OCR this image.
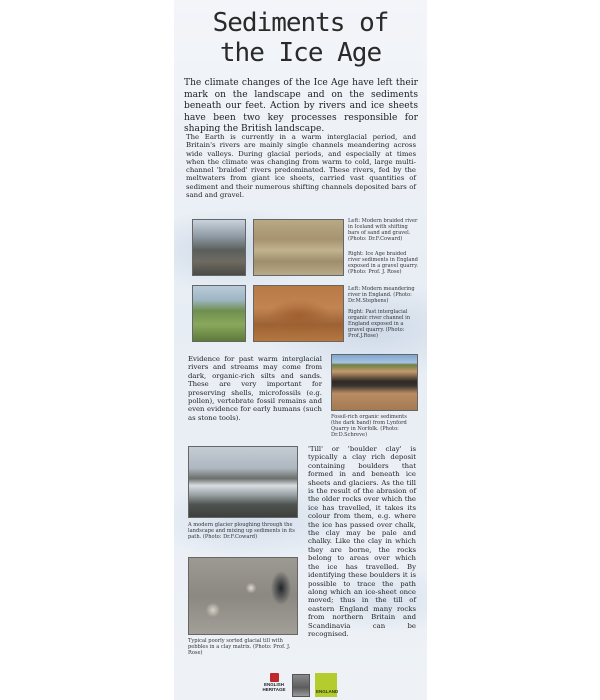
Sediments of
the Ice Age
The climate changes of the Ice Age have left their mark on the landscape and on the sediments beneath our feet. Action by rivers and ice sheets have been two key processes responsible for shaping the British landscape.
The Earth is currently in a warm interglacial period, and Britain's rivers are mainly single channels meandering across wide valleys. During glacial periods, and especially at times when the climate was changing from warm to cold, large multi-channel 'braided' rivers predominated. These rivers, fed by the meltwaters from giant ice sheets, carried vast quantities of sediment and their numerous shifting channels deposited bars of sand and gravel.
Left: Modern braided river in Iceland with shifting bars of sand and gravel. (Photo: Dr.F.Coward)
Right: Ice Age braided river sediments in England exposed in a gravel quarry. (Photo: Prof. J. Rose)
Left: Modern meandering river in England. (Photo: Dr.M.Stephens)
Right: Past interglacial organic river channel in England exposed in a gravel quarry. (Photo: Prof.J.Rose)
Evidence for past warm interglacial rivers and streams may come from dark, organic-rich silts and sands. These are very important for preserving shells, microfossils (e.g. pollen), vertebrate fossil remains and even evidence for early humans (such as stone tools).	Fossil-rich organic sediments (the dark band) from Lynford Quarry in Norfolk. (Photo: Dr.D.Schreve)
A modern glacier ploughing through the landscape and mixing up sediments in its path. (Photo: Dr.F.Coward)
Typical poorly sorted glacial till with pebbles in a clay matrix. (Photo: Prof. J. Rose)
'Till' or 'boulder clay' is typically a clay rich deposit containing boulders that formed in and beneath ice sheets and glaciers. As the till is the result of the abrasion of the older rocks over which the ice has travelled, it takes its colour from them, e.g. where the ice has passed over chalk, the clay may be pale and chalky. Like the clay in which they are borne, the rocks belong to areas over which the ice has travelled. By identifying these boulders it is possible to trace the path along which an ice-sheet once moved; thus in the till of eastern England many rocks from northern Britain and Scandinavia can be recognised.
ENGLISH
HERITAGE	ENGLAND
